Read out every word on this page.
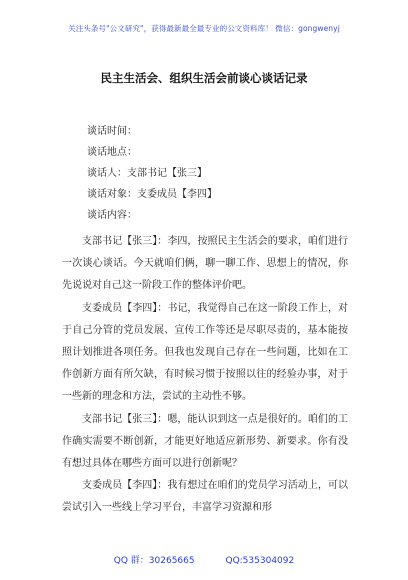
关注头条号"公文研究"，获得最新最全最专业的公文资料库！ 微信：gongwenyj
民主生活会、组织生活会前谈心谈话记录
谈话时间：
谈话地点：
谈话人：支部书记【张三】
谈话对象：支委成员【李四】
谈话内容：

支部书记【张三】：李四，按照民主生活会的要求，咱们进行一次谈心谈话。今天就咱们俩，聊一聊工作、思想上的情况，你先说说对自己这一阶段工作的整体评价吧。

支委成员【李四】：书记，我觉得自己在这一阶段工作上，对于自己分管的党员发展、宣传工作等还是尽职尽责的，基本能按照计划推进各项任务。但我也发现自己存在一些问题，比如在工作创新方面有所欠缺，有时候习惯于按照以往的经验办事，对于一些新的理念和方法，尝试的主动性不够。

支部书记【张三】：嗯，能认识到这一点是很好的。咱们的工作确实需要不断创新，才能更好地适应新形势、新要求。你有没有想过具体在哪些方面可以进行创新呢？

支委成员【李四】：我有想过在咱们的党员学习活动上，可以尝试引入一些线上学习平台，丰富学习资源和形

QQ 群：30265665	QQ:535304092
